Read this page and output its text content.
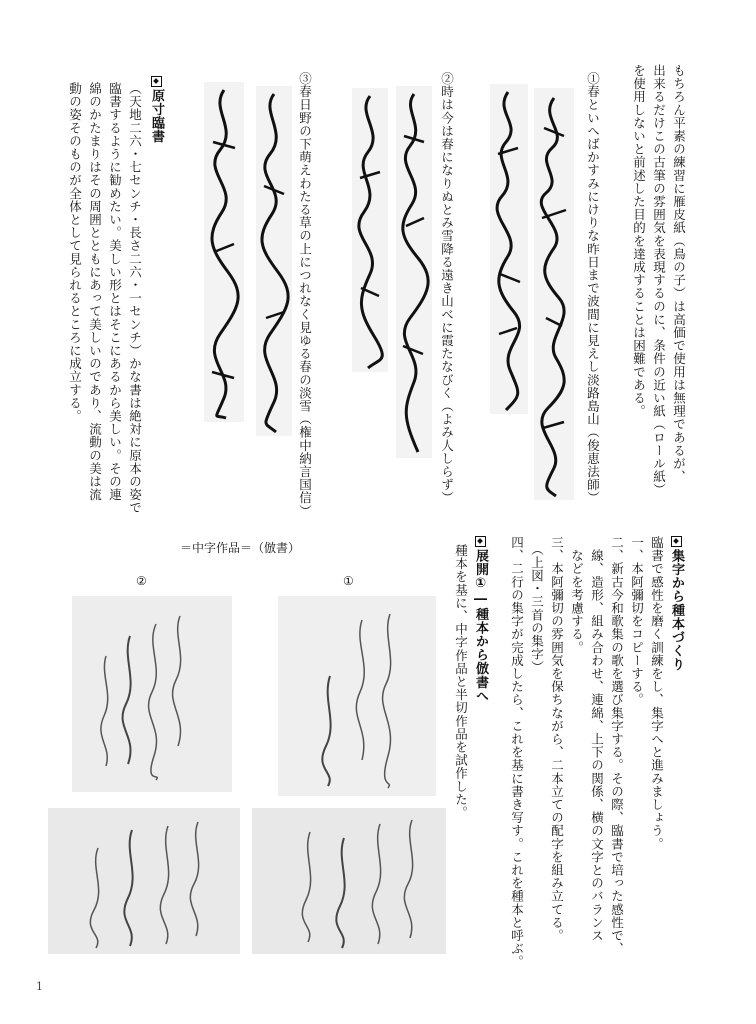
もちろん平素の練習に雁皮紙（鳥の子）は高価で使用は無理であるが、
出来るだけこの古筆の雰囲気を表現するのに、条件の近い紙（ロール紙）
を使用しないと前述した目的を達成することは困難である。
①春といへばかすみにけりな昨日まで波間に見えし淡路島山（俊恵法師）
②時は今は春になりぬとみ雪降る遠き山べに霞たなびく（よみ人しらず）
③春日野の下萌えわたる草の上につれなく見ゆる春の淡雪（権中納言国信）
原寸臨書
（天地二六・七センチ・長さ二六・一センチ）かな書は絶対に原本の姿で
臨書するように勧めたい。美しい形とはそこにあるから美しい。その連
綿のかたまりはその周囲とともにあって美しいのであり、流動の美は流
動の姿そのものが全体として見られるところに成立する。
集字から種本づくり
臨書で感性を磨く訓練をし、集字へと進みましょう。
一、本阿彌切をコピーする。
二、新古今和歌集の歌を選び集字する。その際、臨書で培った感性で、
　線、造形、組み合わせ、連綿、上下の関係、横の文字とのバランス
　などを考慮する。
三、本阿彌切の雰囲気を保ちながら、二本立ての配字を組み立てる。
　（上図・三首の集字）
四、二行の集字が完成したら、これを基に書き写す。これを種本と呼ぶ。
展開①―種本から倣書へ
種本を基に、中字作品と半切作品を試作した。
＝中字作品＝（倣書）
②	①
1
